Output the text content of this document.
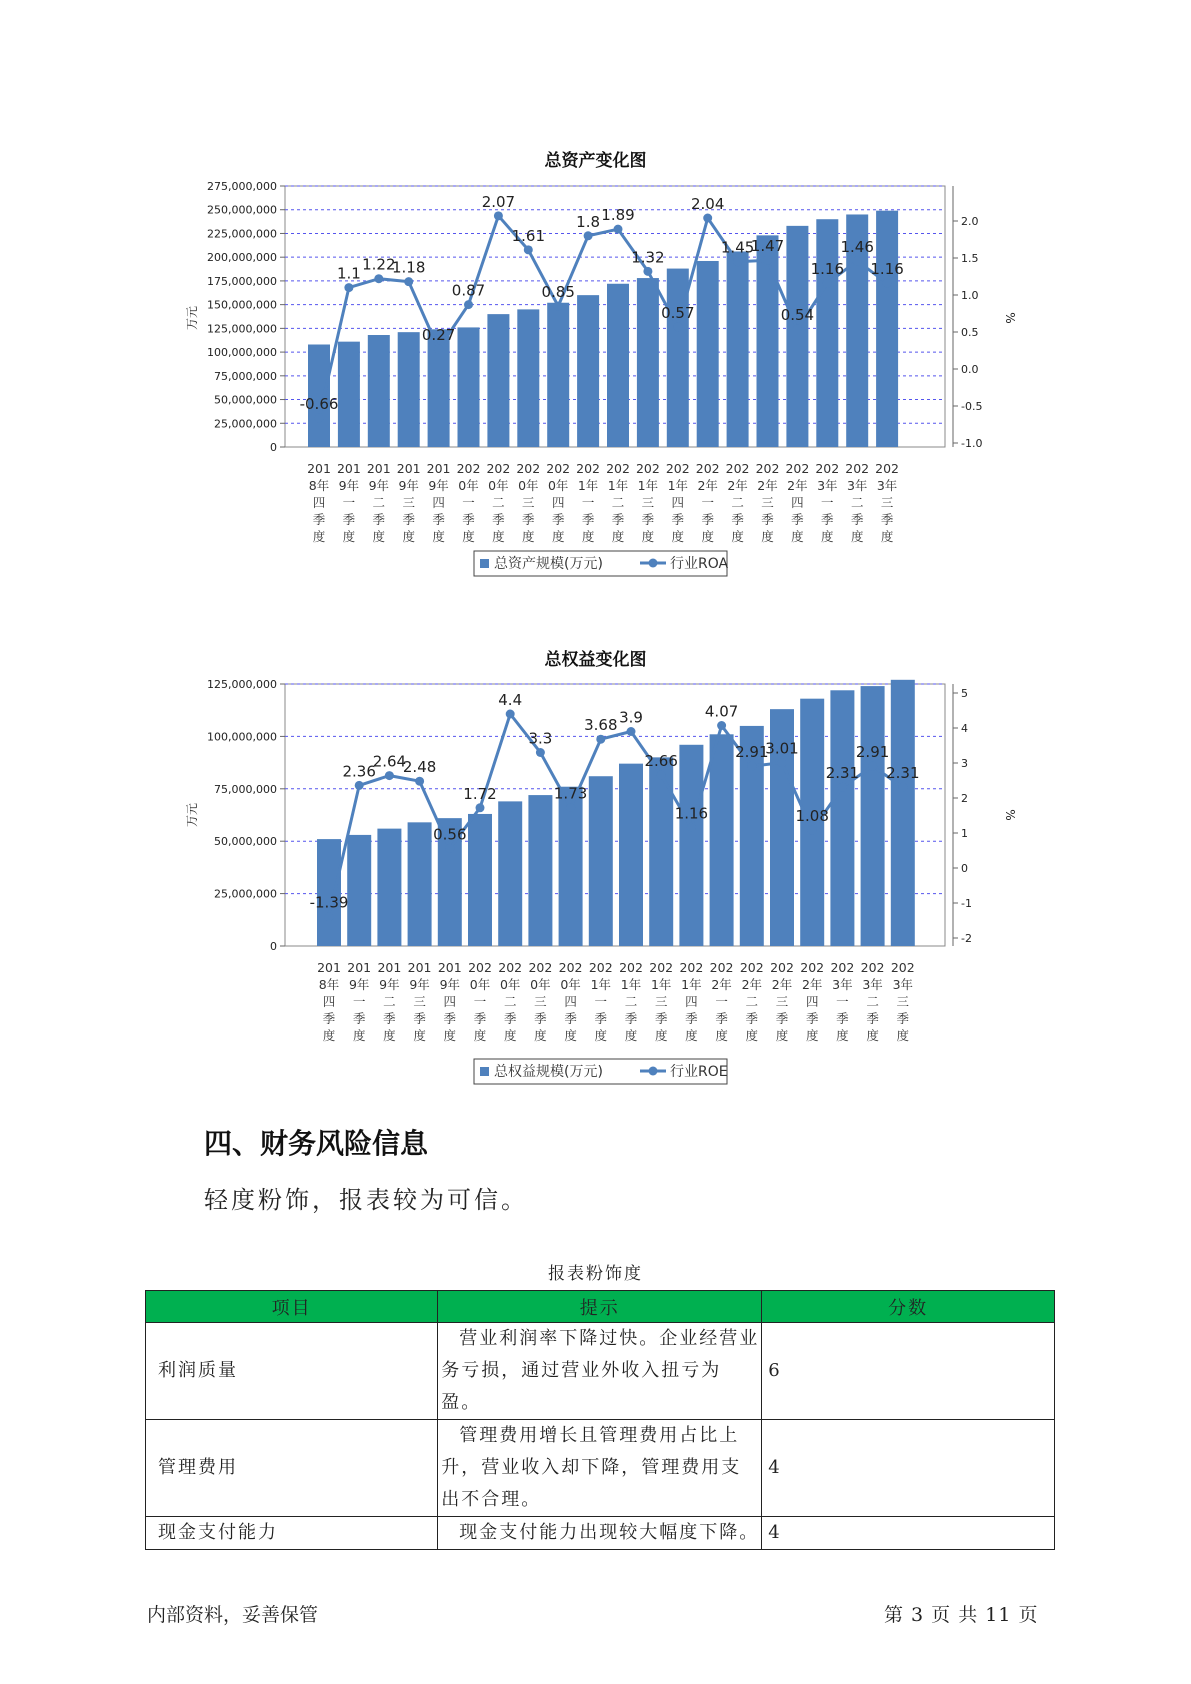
总资产变化图
275,000,000
250,000,000
225,000,000
200,000,000
175,000,000
150,000,000
125,000,000
100,000,000
75,000,000
50,000,000
25,000,000
0
2.0
1.5
1.0
0.5
0.0
-0.5
-1.0
万元	%
-0.66
1.1 1.22
1.18
0.27
0.87
2.07
1.61
0.85
1.8 1.89
1.32
0.57
2.04
1.45
1.47
0.54
1.16
1.46
1.16
201 8年四季度
201 9年一季度
201 9年二季度
201 9年三季度
201 9年四季度
202 0年一季度
202 0年二季度
202 0年三季度
202 0年四季度
202 1年一季度
202 1年二季度
202 1年三季度
202 1年四季度
202 2年一季度
202 2年二季度
202 2年三季度
202 2年四季度
202 3年一季度
202 3年二季度
202 3年三季度
总资产规模(万元)	行业ROA
总权益变化图
125,000,000
100,000,000
75,000,000
50,000,000
25,000,000
0
5
4
3
2
1
0
-1
-2
万元	%
-1.39
2.36
2.64
2.48
0.56
1.72
4.4
3.3
1.73
3.68 3.9
2.66
1.16
4.07
2.91
3.01
1.08
2.31
2.91
2.31
201 8年四季度
201 9年一季度
201 9年二季度
201 9年三季度
201 9年四季度
202 0年一季度
202 0年二季度
202 0年三季度
202 0年四季度
202 1年一季度
202 1年二季度
202 1年三季度
202 1年四季度
202 2年一季度
202 2年二季度
202 2年三季度
202 2年四季度
202 3年一季度
202 3年二季度
202 3年三季度
总权益规模(万元)	行业ROE
四、财务风险信息

轻度粉饰，报表较为可信。

报表粉饰度
项目	提示	分数
利润质量	营业利润率下降过快。企业经营业务亏损，通过营业外收入扭亏为盈。	6
管理费用	管理费用增长且管理费用占比上升，营业收入却下降，管理费用支出不合理。	4
现金支付能力	现金支付能力出现较大幅度下降。	4
内部资料，妥善保管	第 3 页 共 11 页
